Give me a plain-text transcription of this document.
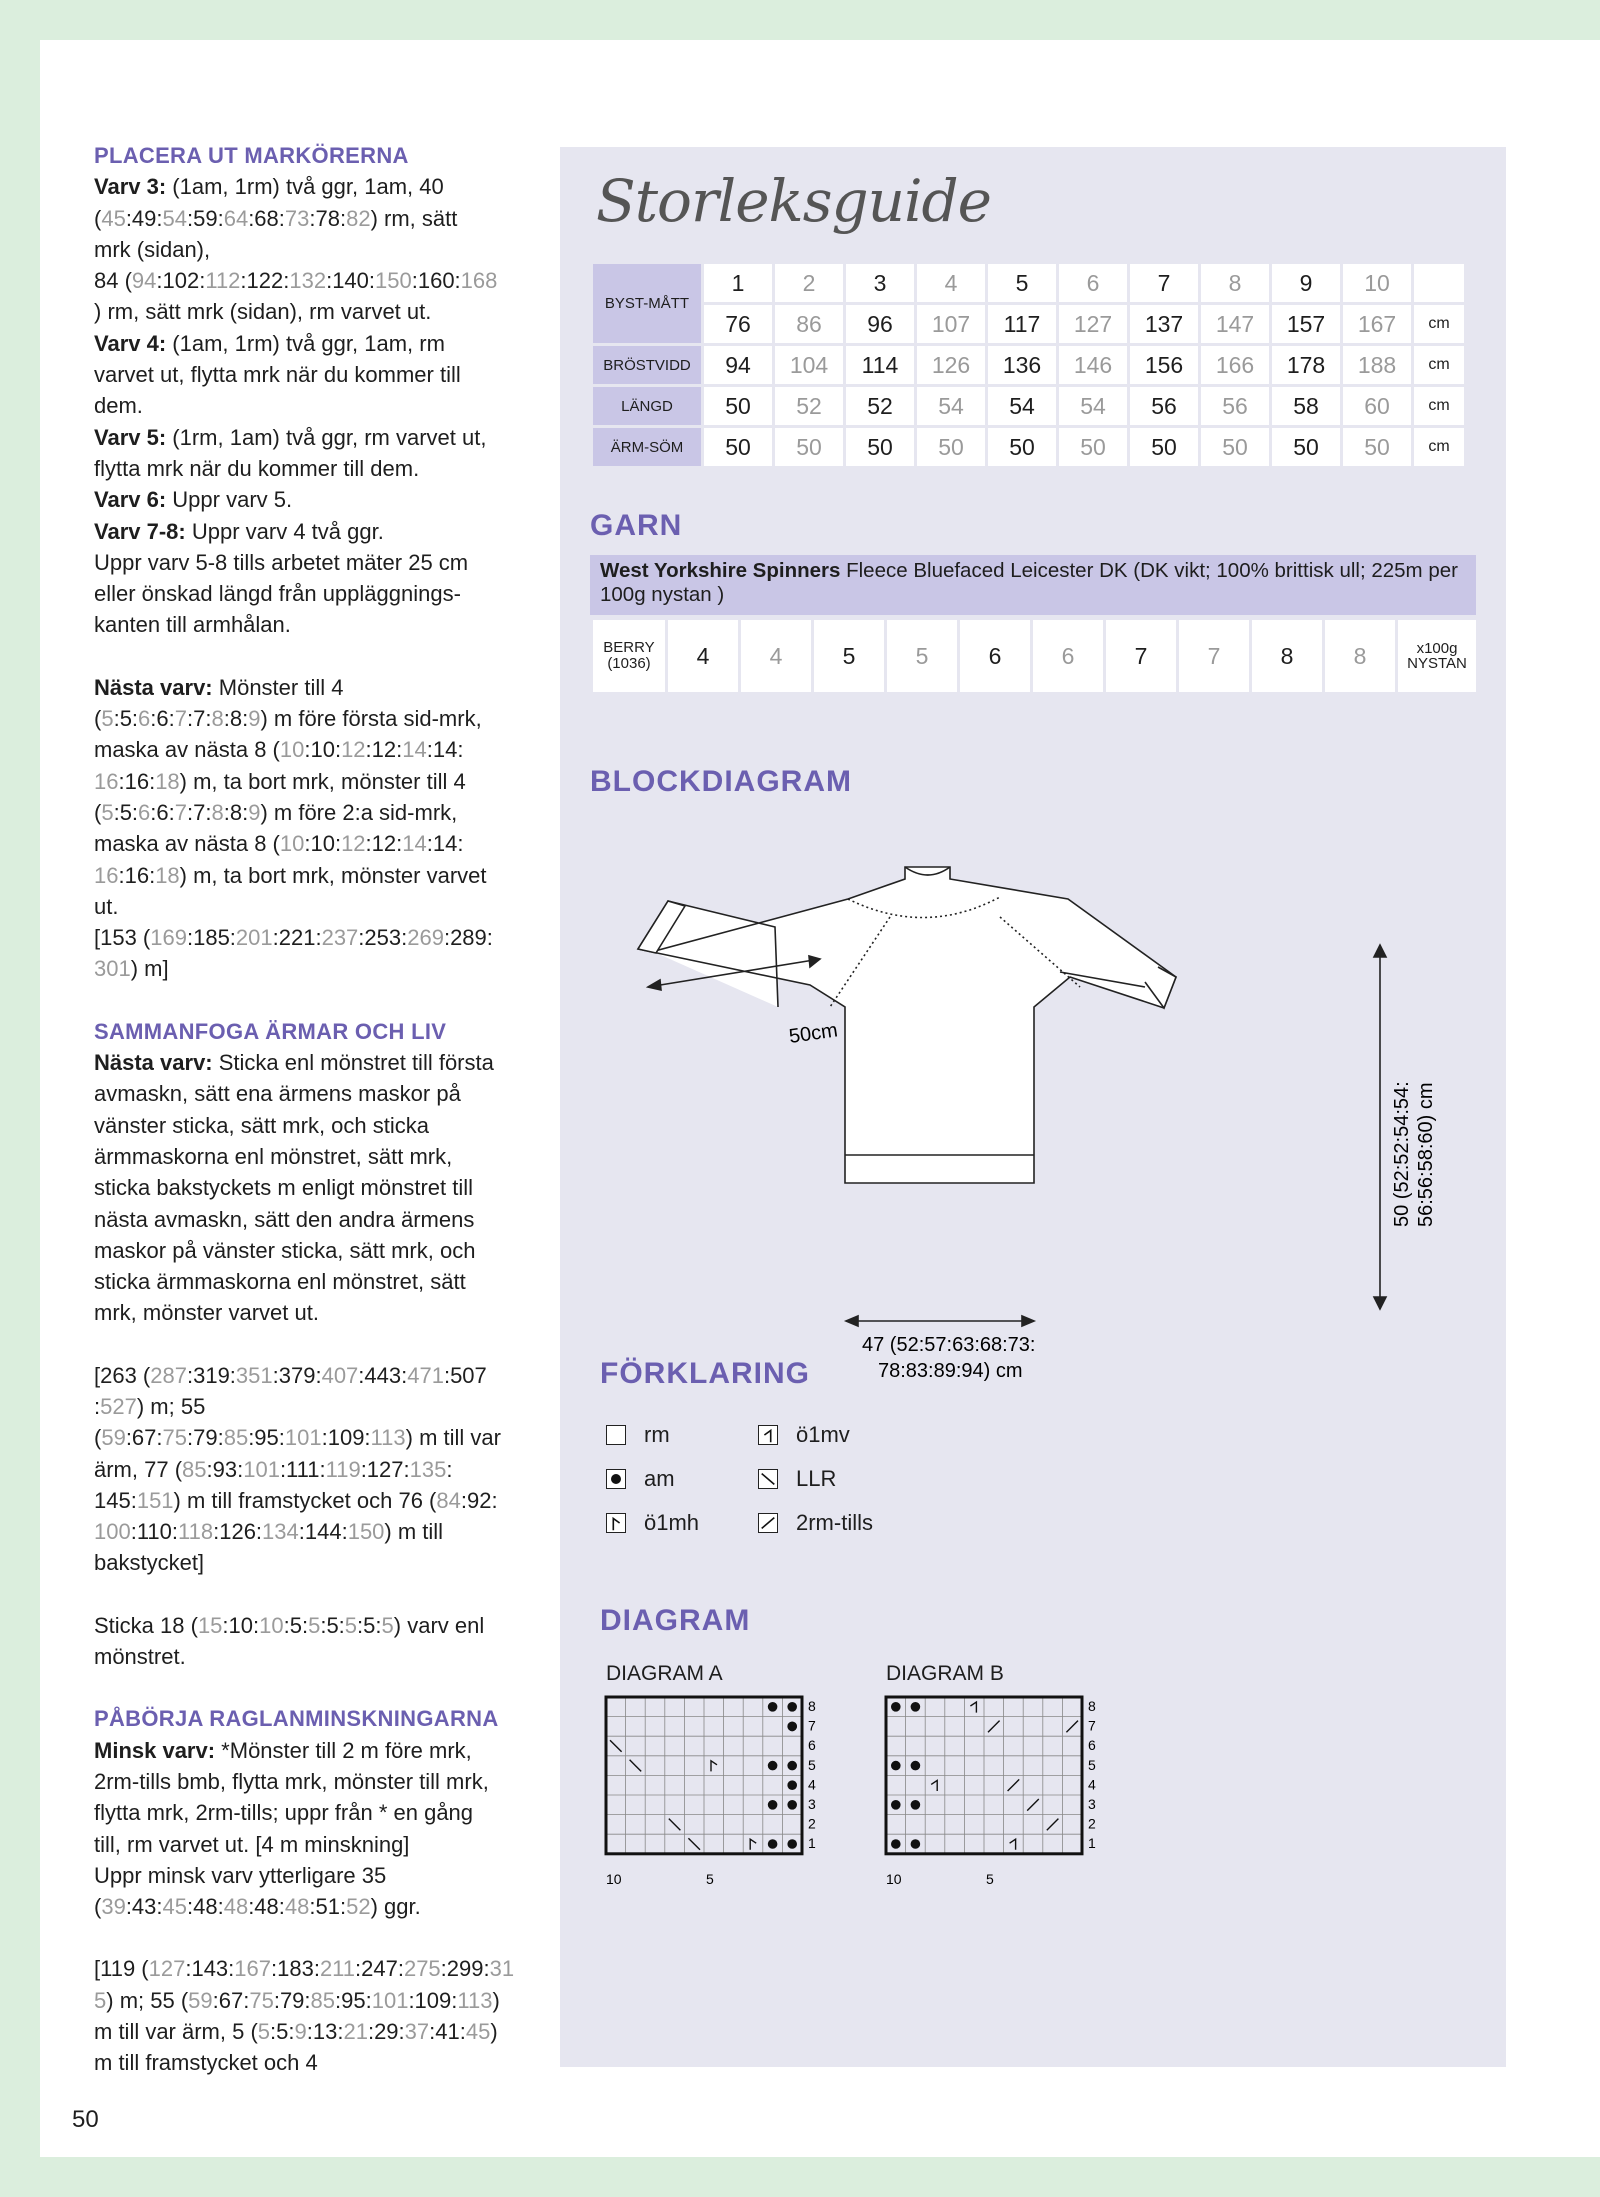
PLACERA UT MARKÖRERNA

Varv 3: (1am, 1rm) två ggr, 1am, 40
(45:49:54:59:64:68:73:78:82) rm, sätt
mrk (sidan),
84 (94:102:112:122:132:140:150:160:168
) rm, sätt mrk (sidan), rm varvet ut.

Varv 4: (1am, 1rm) två ggr, 1am, rm
varvet ut, flytta mrk när du kommer till
dem.

Varv 5: (1rm, 1am) två ggr, rm varvet ut,
flytta mrk när du kommer till dem.

Varv 6: Uppr varv 5.

Varv 7-8: Uppr varv 4 två ggr.

Uppr varv 5-8 tills arbetet mäter 25 cm
eller önskad längd från uppläggnings-
kanten till armhålan.

Nästa varv: Mönster till 4
(5:5:6:6:7:7:8:8:9) m före första sid-mrk,
maska av nästa 8 (10:10:12:12:14:14:
16:16:18) m, ta bort mrk, mönster till 4
(5:5:6:6:7:7:8:8:9) m före 2:a sid-mrk,
maska av nästa 8 (10:10:12:12:14:14:
16:16:18) m, ta bort mrk, mönster varvet
ut.
[153 (169:185:201:221:237:253:269:289:
301) m]

SAMMANFOGA ÄRMAR OCH LIV

Nästa varv: Sticka enl mönstret till första
avmaskn, sätt ena ärmens maskor på
vänster sticka, sätt mrk, och sticka
ärmmaskorna enl mönstret, sätt mrk,
sticka bakstyckets m enligt mönstret till
nästa avmaskn, sätt den andra ärmens
maskor på vänster sticka, sätt mrk, och
sticka ärmmaskorna enl mönstret, sätt
mrk, mönster varvet ut.

[263 (287:319:351:379:407:443:471:507
:527) m; 55
(59:67:75:79:85:95:101:109:113) m till var
ärm, 77 (85:93:101:111:119:127:135:
145:151) m till framstycket och 76 (84:92:
100:110:118:126:134:144:150) m till
bakstycket]

Sticka 18 (15:10:10:5:5:5:5:5:5) varv enl
mönstret.

PÅBÖRJA RAGLANMINSKNINGARNA

Minsk varv: *Mönster till 2 m före mrk,
2rm-tills bmb, flytta mrk, mönster till mrk,
flytta mrk, 2rm-tills; uppr från * en gång
till, rm varvet ut. [4 m minskning]
Uppr minsk varv ytterligare 35
(39:43:45:48:48:48:48:51:52) ggr.

[119 (127:143:167:183:211:247:275:299:31
5) m; 55 (59:67:75:79:85:95:101:109:113)
m till var ärm, 5 (5:5:9:13:21:29:37:41:45)
m till framstycket och 4

50
Storleksguide
BYST-MÅTT	1	2	3	4	5	6	7	8	9	10	
	76	86	96	107	117	127	137	147	157	167	cm
BRÖSTVIDD	94	104	114	126	136	146	156	166	178	188	cm
LÄNGD	50	52	52	54	54	54	56	56	58	60	cm
ÄRM-SÖM	50	50	50	50	50	50	50	50	50	50	cm
GARN
West Yorkshire Spinners Fleece Bluefaced Leicester DK (DK vikt; 100% brittisk ull; 225m per 100g nystan )
BERRY
(1036)	4	4	5	5	6	6	7	7	8	8	x100g
NYSTAN
BLOCKDIAGRAM
50cm
50 (52:52:54:54: 56:56:58:60) cm
47 (52:57:63:68:73:
78:83:89:94) cm
FÖRKLARING
rm
am
ö1mh
ö1mv
LLR
2rm-tills
DIAGRAM
DIAGRAM A	DIAGRAM B
8
7
6
5
4
3
2
1
10	5
8
7
6
5
4
3
2
1
10	5
